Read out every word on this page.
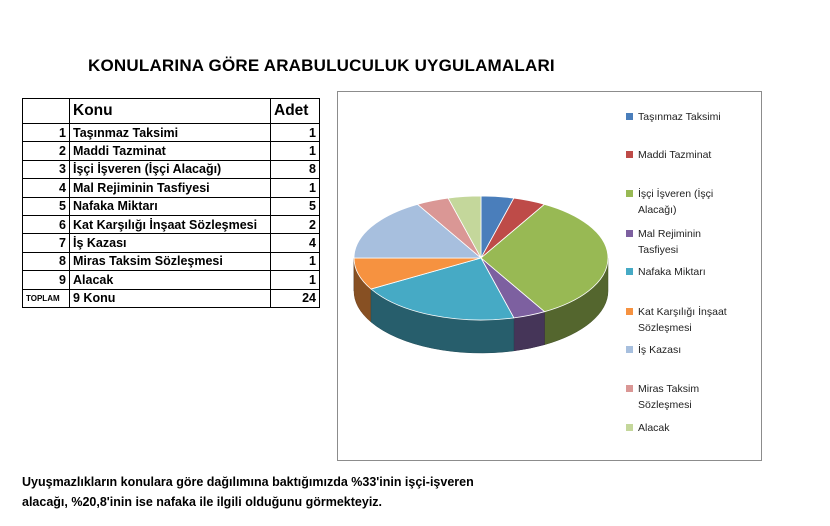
KONULARINA GÖRE ARABULUCULUK UYGULAMALARI
	Konu	Adet
1	Taşınmaz Taksimi	1
2	Maddi Tazminat	1
3	İşçi İşveren (İşçi Alacağı)	8
4	Mal Rejiminin Tasfiyesi	1
5	Nafaka Miktarı	5
6	Kat Karşılığı İnşaat Sözleşmesi	2
7	İş Kazası	4
8	Miras Taksim Sözleşmesi	1
9	Alacak	1
TOPLAM	9 Konu	24
Taşınmaz Taksimi
Maddi Tazminat
İşçi İşveren (İşçi
Alacağı)
Mal Rejiminin
Tasfiyesi
Nafaka Miktarı
Kat Karşılığı İnşaat
Sözleşmesi
İş Kazası
Miras Taksim
Sözleşmesi
Alacak
Uyuşmazlıkların konulara göre dağılımına baktığımızda %33'inin işçi-işveren
alacağı, %20,8'inin ise nafaka ile ilgili olduğunu görmekteyiz.
